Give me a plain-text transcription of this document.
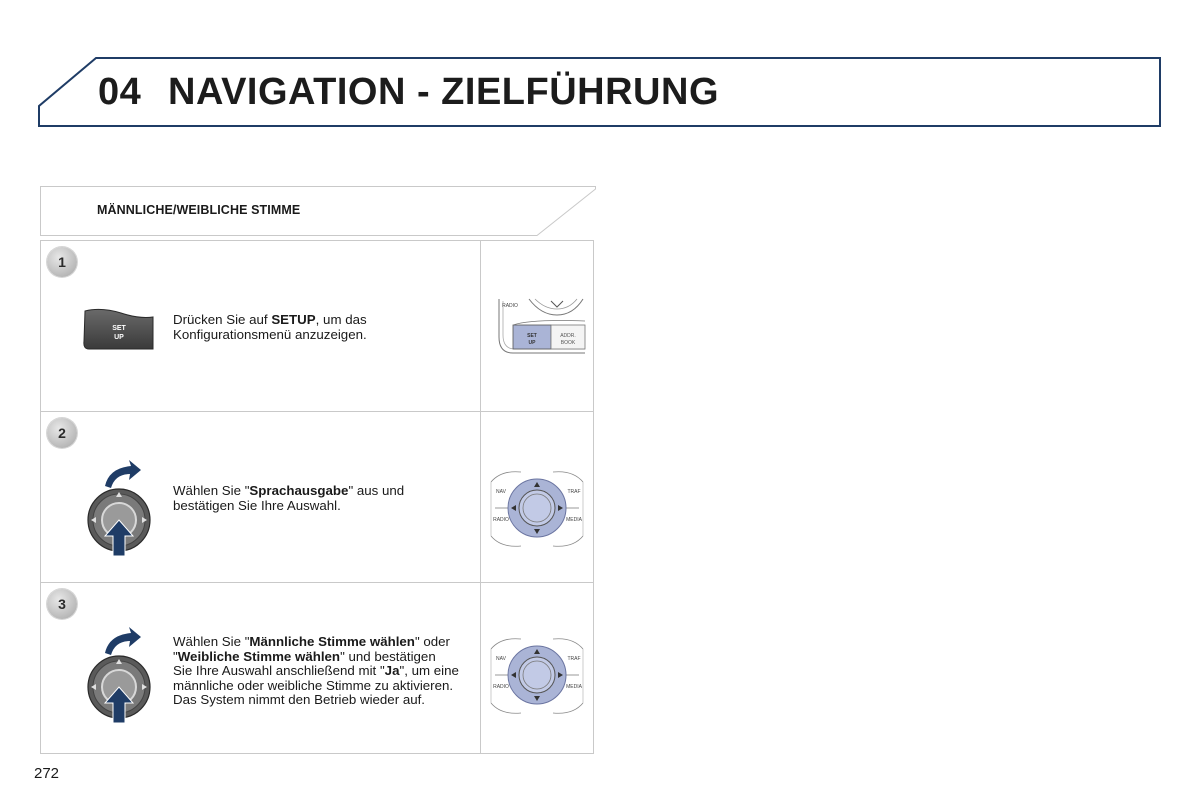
04 NAVIGATION - ZIELFÜHRUNG
MÄNNLICHE/WEIBLICHE STIMME
1
SET
UP
Drücken Sie auf SETUP, um das
Konfigurationsmenü anzuzeigen.
RADIO
SET
UP
ADDR.
BOOK
2
Wählen Sie "Sprachausgabe" aus und
bestätigen Sie Ihre Auswahl.
NAV	TRAF
RADIO	MEDIA
3
Wählen Sie "Männliche Stimme wählen" oder
"Weibliche Stimme wählen" und bestätigen
Sie Ihre Auswahl anschließend mit "Ja", um eine
männliche oder weibliche Stimme zu aktivieren.
Das System nimmt den Betrieb wieder auf.
NAV	TRAF
RADIO	MEDIA
272
